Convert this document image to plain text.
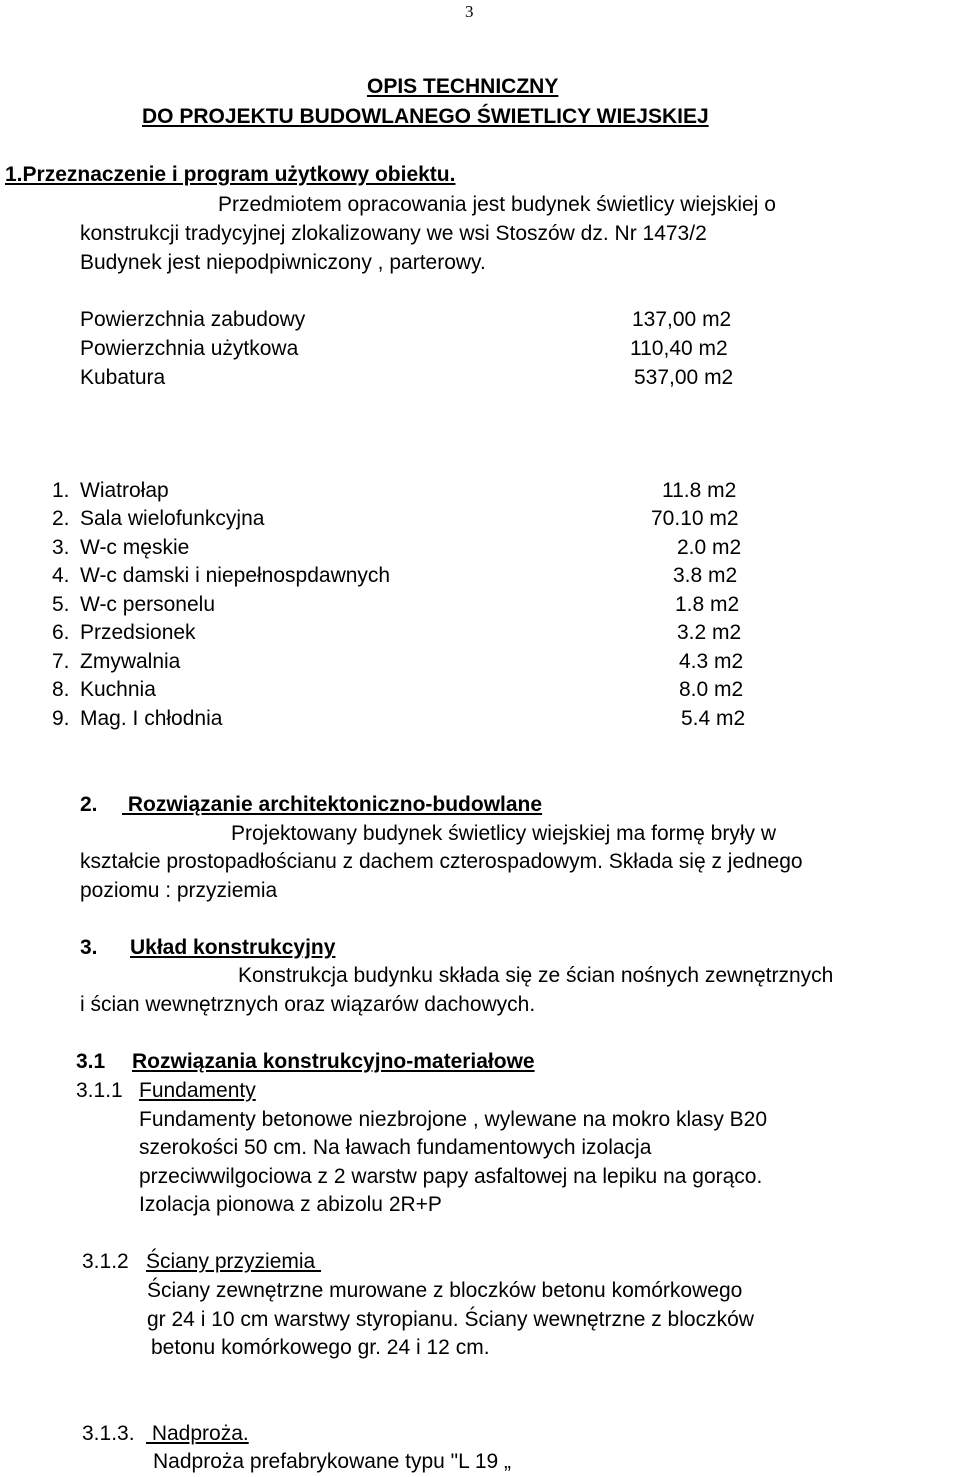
3
OPIS TECHNICZNY
DO PROJEKTU BUDOWLANEGO ŚWIETLICY WIEJSKIEJ
1.Przeznaczenie i program użytkowy obiektu.
Przedmiotem opracowania jest budynek świetlicy wiejskiej o
konstrukcji tradycyjnej zlokalizowany we wsi Stoszów dz. Nr 1473/2
Budynek jest niepodpiwniczony , parterowy.
Powierzchnia zabudowy	137,00 m2
Powierzchnia użytkowa	110,40 m2
Kubatura	537,00 m2
1. Wiatrołap	11.8 m2
2. Sala wielofunkcyjna	70.10 m2
3. W-c męskie	2.0 m2
4. W-c damski i niepełnospdawnych	3.8 m2
5. W-c personelu	1.8 m2
6. Przedsionek	3.2 m2
7. Zmywalnia	4.3 m2
8. Kuchnia	8.0 m2
9. Mag. I chłodnia	5.4 m2
2. Rozwiązanie architektoniczno-budowlane
Projektowany budynek świetlicy wiejskiej ma formę bryły w
kształcie prostopadłościanu z dachem czterospadowym. Składa się z jednego
poziomu : przyziemia
3. Układ konstrukcyjny
Konstrukcja budynku składa się ze ścian nośnych zewnętrznych
i ścian wewnętrznych oraz wiązarów dachowych.
3.1 Rozwiązania konstrukcyjno-materiałowe
3.1.1 Fundamenty
Fundamenty betonowe niezbrojone , wylewane na mokro klasy B20
szerokości 50 cm. Na ławach fundamentowych izolacja
przeciwwilgociowa z 2 warstw papy asfaltowej na lepiku na gorąco.
Izolacja pionowa z abizolu 2R+P
3.1.2 Ściany przyziemia
Ściany zewnętrzne murowane z bloczków betonu komórkowego
gr 24 i 10 cm warstwy styropianu. Ściany wewnętrzne z bloczków
betonu komórkowego gr. 24 i 12 cm.
3.1.3. Nadproża.
Nadproża prefabrykowane typu "L 19 „
